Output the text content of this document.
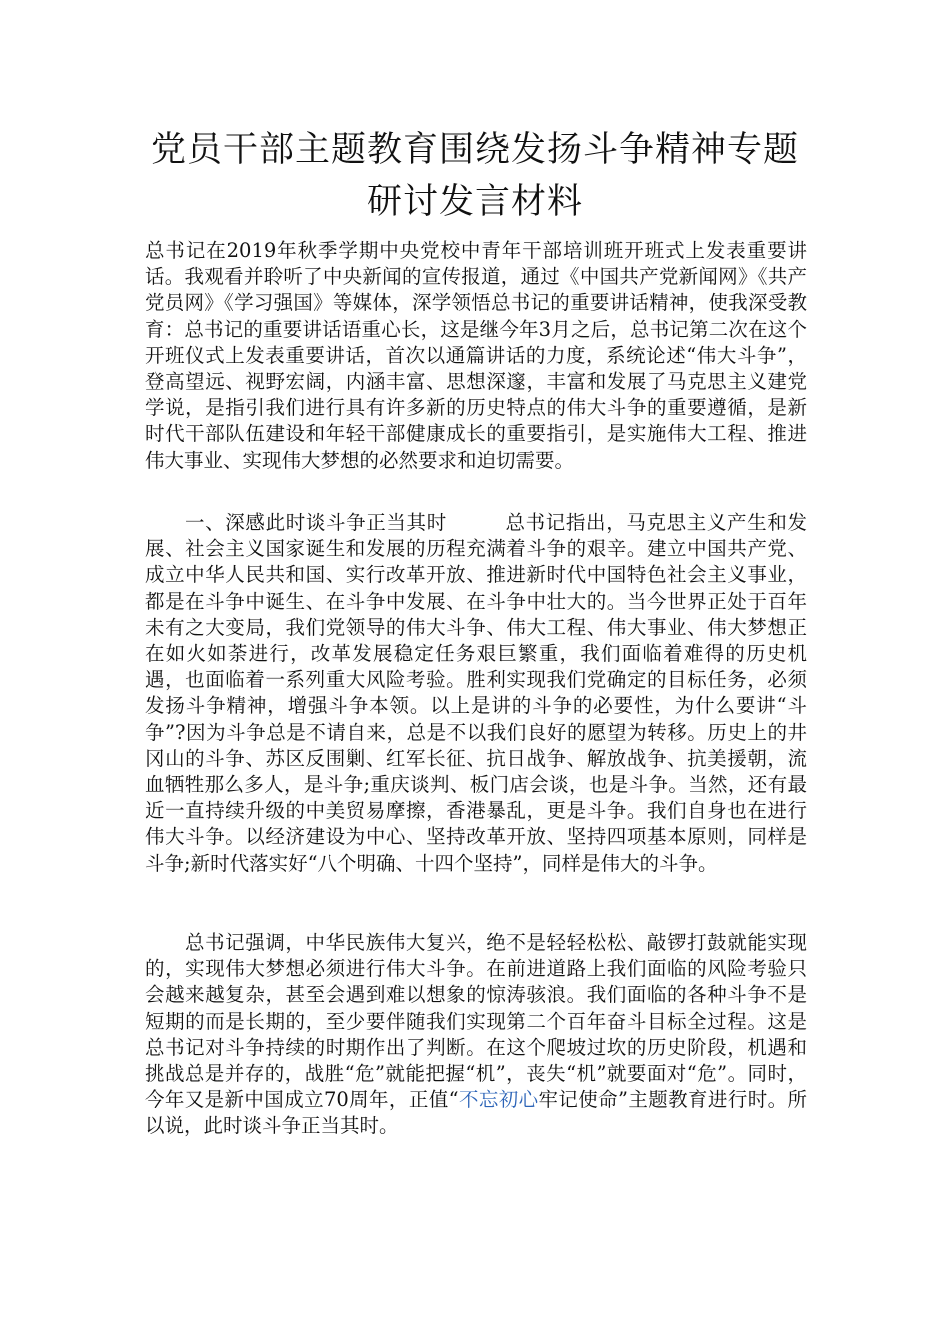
党员干部主题教育围绕发扬斗争精神专题
研讨发言材料

总书记在2019年秋季学期中央党校中青年干部培训班开班式上发表重要讲话。我观看并聆听了中央新闻的宣传报道，通过《中国共产党新闻网》《共产党员网》《学习强国》等媒体，深学领悟总书记的重要讲话精神，使我深受教育：总书记的重要讲话语重心长，这是继今年3月之后，总书记第二次在这个开班仪式上发表重要讲话，首次以通篇讲话的力度，系统论述“伟大斗争”，登高望远、视野宏阔，内涵丰富、思想深邃，丰富和发展了马克思主义建党学说，是指引我们进行具有许多新的历史特点的伟大斗争的重要遵循，是新时代干部队伍建设和年轻干部健康成长的重要指引，是实施伟大工程、推进伟大事业、实现伟大梦想的必然要求和迫切需要。

一、深感此时谈斗争正当其时	总书记指出，马克思主义产生和发展、社会主义国家诞生和发展的历程充满着斗争的艰辛。建立中国共产党、成立中华人民共和国、实行改革开放、推进新时代中国特色社会主义事业，都是在斗争中诞生、在斗争中发展、在斗争中壮大的。当今世界正处于百年未有之大变局，我们党领导的伟大斗争、伟大工程、伟大事业、伟大梦想正在如火如荼进行，改革发展稳定任务艰巨繁重，我们面临着难得的历史机遇，也面临着一系列重大风险考验。胜利实现我们党确定的目标任务，必须发扬斗争精神，增强斗争本领。以上是讲的斗争的必要性，为什么要讲“斗争”?因为斗争总是不请自来，总是不以我们良好的愿望为转移。历史上的井冈山的斗争、苏区反围剿、红军长征、抗日战争、解放战争、抗美援朝，流血牺牲那么多人，是斗争;重庆谈判、板门店会谈，也是斗争。当然，还有最近一直持续升级的中美贸易摩擦，香港暴乱，更是斗争。我们自身也在进行伟大斗争。以经济建设为中心、坚持改革开放、坚持四项基本原则，同样是斗争;新时代落实好“八个明确、十四个坚持”，同样是伟大的斗争。

总书记强调，中华民族伟大复兴，绝不是轻轻松松、敲锣打鼓就能实现的，实现伟大梦想必须进行伟大斗争。在前进道路上我们面临的风险考验只会越来越复杂，甚至会遇到难以想象的惊涛骇浪。我们面临的各种斗争不是短期的而是长期的，至少要伴随我们实现第二个百年奋斗目标全过程。这是总书记对斗争持续的时期作出了判断。在这个爬坡过坎的历史阶段，机遇和挑战总是并存的，战胜“危”就能把握“机”，丧失“机”就要面对“危”。同时，今年又是新中国成立70周年，正值“不忘初心牢记使命”主题教育进行时。所以说，此时谈斗争正当其时。
